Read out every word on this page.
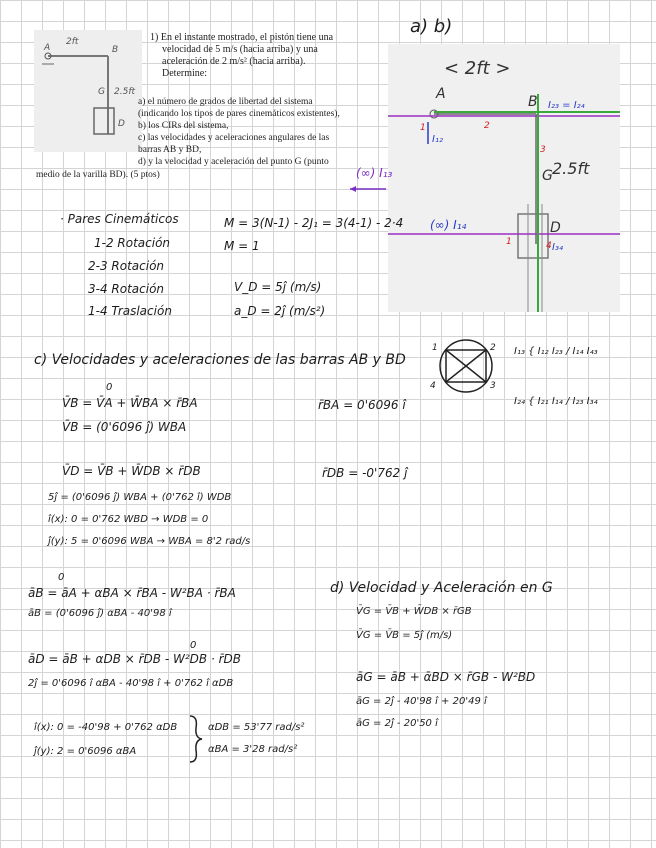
2ft
2.5ft
A	B
G
D
1) En el instante mostrado, el pistón tiene una
velocidad de 5 m/s (hacia arriba) y una
aceleración de 2 m/s² (hacia arriba).
Determine:
a) el número de grados de libertad del sistema
(indicando los tipos de pares cinemáticos existentes),
b) los CIRs del sistema,
c) las velocidades y aceleraciones angulares de las
barras AB y BD,
d) y la velocidad y aceleración del punto G (punto
medio de la varilla BD). (5 ptos)
a) b)
< 2ft >
2.5ft
A	B
G
D
I₁₂
I₂₃ = I₂₄
I₃₄
1	2
3
4
1
(∞) I₁₃
(∞) I₁₄
· Pares Cinemáticos
1-2 Rotación
2-3 Rotación
3-4 Rotación
1-4 Traslación
M = 3(N-1) - 2J₁ = 3(4-1) - 2·4
M = 1
V_D = 5ĵ (m/s)
a_D = 2ĵ (m/s²)
1	2
3
4
I₁₃ { I₁₂ I₂₃ / I₁₄ I₄₃
I₂₄ { I₂₁ I₁₄ / I₂₃ I₃₄
c) Velocidades y aceleraciones de las barras AB y BD
0
V̄B = V̄A + W̄BA × r̄BA
V̄B = (0'6096 ĵ) WBA
r̄BA = 0'6096 î
V̄D = V̄B + W̄DB × r̄DB	r̄DB = -0'762 ĵ
5ĵ = (0'6096 ĵ) WBA + (0'762 î) WDB
î(x): 0 = 0'762 WBD → WDB = 0
ĵ(y): 5 = 0'6096 WBA → WBA = 8'2 rad/s
0
āB = āA + αBA × r̄BA - W²BA · r̄BA
āB = (0'6096 ĵ) αBA - 40'98 î
0
āD = āB + αDB × r̄DB - W²DB · r̄DB
2ĵ = 0'6096 î αBA - 40'98 î + 0'762 î αDB
î(x): 0 = -40'98 + 0'762 αDB
ĵ(y): 2 = 0'6096 αBA
αDB = 53'77 rad/s²
αBA = 3'28 rad/s²
d) Velocidad y Aceleración en G
V̄G = V̄B + W̄DB × r̄GB
V̄G = V̄B = 5ĵ (m/s)
āG = āB + ᾱBD × r̄GB - W²BD
āG = 2ĵ - 40'98 î + 20'49 î
āG = 2ĵ - 20'50 î
